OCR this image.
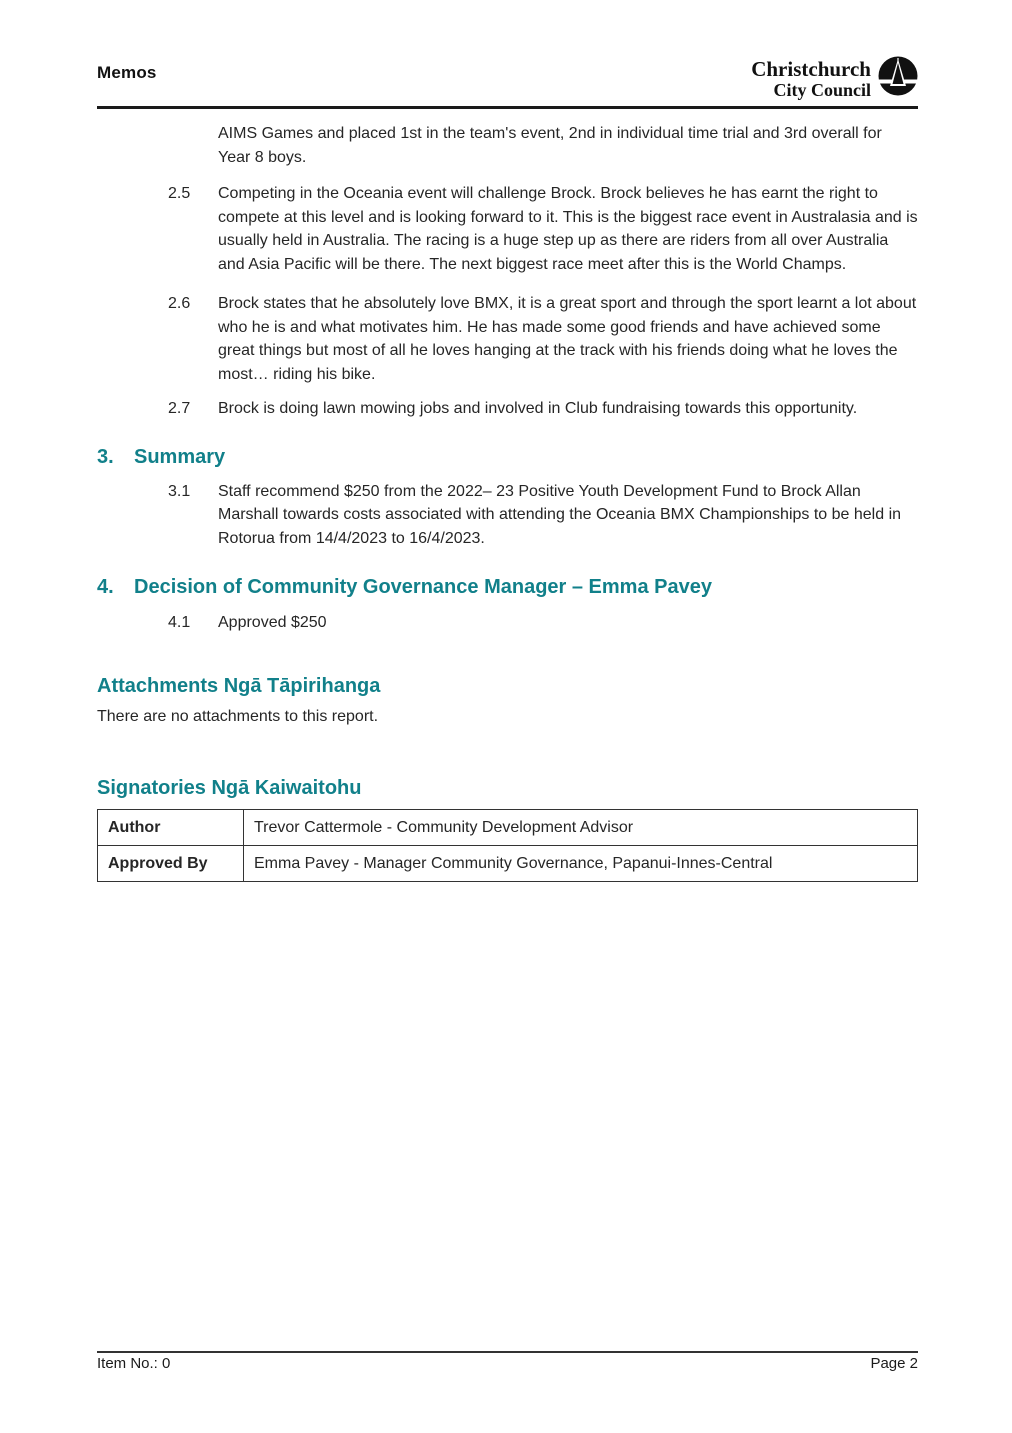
Memos	Christchurch
City Council

AIMS Games and placed 1st in the team's event, 2nd in individual time trial and 3rd overall for Year 8 boys.

2.5	Competing in the Oceania event will challenge Brock. Brock believes he has earnt the right to compete at this level and is looking forward to it. This is the biggest race event in Australasia and is usually held in Australia. The racing is a huge step up as there are riders from all over Australia and Asia Pacific will be there. The next biggest race meet after this is the World Champs.

2.6	Brock states that he absolutely love BMX, it is a great sport and through the sport learnt a lot about who he is and what motivates him. He has made some good friends and have achieved some great things but most of all he loves hanging at the track with his friends doing what he loves the most… riding his bike.

2.7	Brock is doing lawn mowing jobs and involved in Club fundraising towards this opportunity.

3.	Summary
3.1	Staff recommend $250 from the 2022– 23 Positive Youth Development Fund to Brock Allan Marshall towards costs associated with attending the Oceania BMX Championships to be held in Rotorua from 14/4/2023 to 16/4/2023.

4.	Decision of Community Governance Manager – Emma Pavey
4.1	Approved $250

Attachments Ngā Tāpirihanga

There are no attachments to this report.

Signatories Ngā Kaiwaitohu
Author	Trevor Cattermole - Community Development Advisor
Approved By	Emma Pavey - Manager Community Governance, Papanui-Innes-Central
Item No.: 0	Page 2
